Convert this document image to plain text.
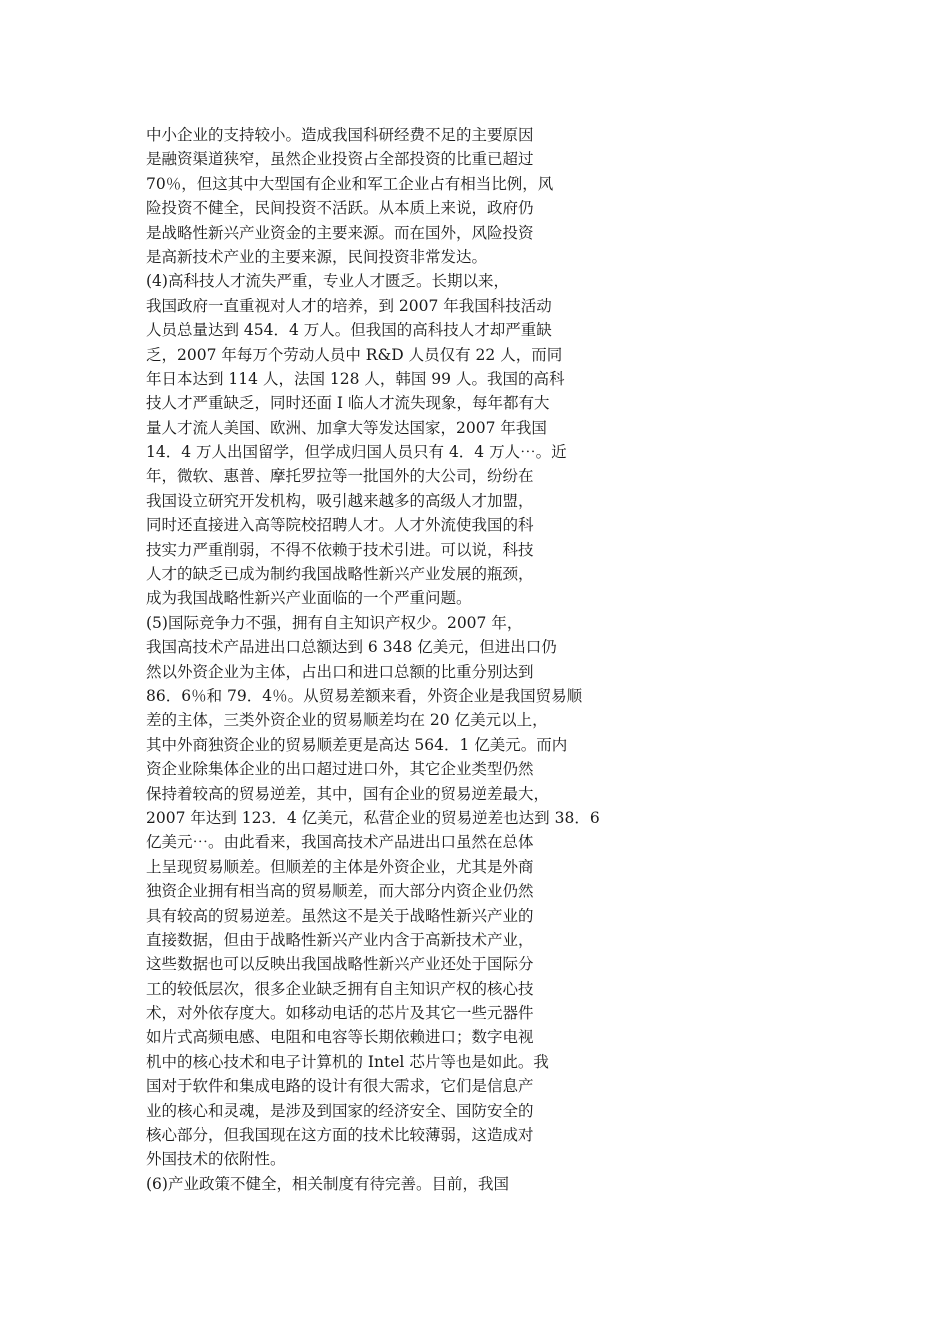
中小企业的支持较小。造成我国科研经费不足的主要原因
是融资渠道狭窄，虽然企业投资占全部投资的比重已超过
70％，但这其中大型国有企业和军工企业占有相当比例，风
险投资不健全，民间投资不活跃。从本质上来说，政府仍
是战略性新兴产业资金的主要来源。而在国外，风险投资
是高新技术产业的主要来源，民间投资非常发达。
(4)高科技人才流失严重，专业人才匮乏。长期以来，
我国政府一直重视对人才的培养，到 2007 年我国科技活动
人员总量达到 454．4 万人。但我国的高科技人才却严重缺
乏，2007 年每万个劳动人员中 R&D 人员仅有 22 人，而同
年日本达到 114 人，法国 128 人，韩国 99 人。我国的高科
技人才严重缺乏，同时还面 I 临人才流失现象，每年都有大
量人才流人美国、欧洲、加拿大等发达国家，2007 年我国
14．4 万人出国留学，但学成归国人员只有 4．4 万人⋯。近
年，微软、惠普、摩托罗拉等一批国外的大公司，纷纷在
我国设立研究开发机构，吸引越来越多的高级人才加盟，
同时还直接进入高等院校招聘人才。人才外流使我国的科
技实力严重削弱，不得不依赖于技术引进。可以说，科技
人才的缺乏已成为制约我国战略性新兴产业发展的瓶颈，
成为我国战略性新兴产业面临的一个严重问题。
(5)国际竞争力不强，拥有自主知识产权少。2007 年，
我国高技术产品进出口总额达到 6 348 亿美元，但进出口仍
然以外资企业为主体，占出口和进口总额的比重分别达到
86．6％和 79．4％。从贸易差额来看，外资企业是我国贸易顺
差的主体，三类外资企业的贸易顺差均在 20 亿美元以上，
其中外商独资企业的贸易顺差更是高达 564．1 亿美元。而内
资企业除集体企业的出口超过进口外，其它企业类型仍然
保持着较高的贸易逆差，其中，国有企业的贸易逆差最大，
2007 年达到 123．4 亿美元，私营企业的贸易逆差也达到 38．6
亿美元⋯。由此看来，我国高技术产品进出口虽然在总体
上呈现贸易顺差。但顺差的主体是外资企业，尤其是外商
独资企业拥有相当高的贸易顺差，而大部分内资企业仍然
具有较高的贸易逆差。虽然这不是关于战略性新兴产业的
直接数据，但由于战略性新兴产业内含于高新技术产业，
这些数据也可以反映出我国战略性新兴产业还处于国际分
工的较低层次，很多企业缺乏拥有自主知识产权的核心技
术，对外依存度大。如移动电话的芯片及其它一些元器件
如片式高频电感、电阻和电容等长期依赖进口；数字电视
机中的核心技术和电子计算机的 Intel 芯片等也是如此。我
国对于软件和集成电路的设计有很大需求，它们是信息产
业的核心和灵魂，是涉及到国家的经济安全、国防安全的
核心部分，但我国现在这方面的技术比较薄弱，这造成对
外国技术的依附性。
(6)产业政策不健全，相关制度有待完善。目前，我国
